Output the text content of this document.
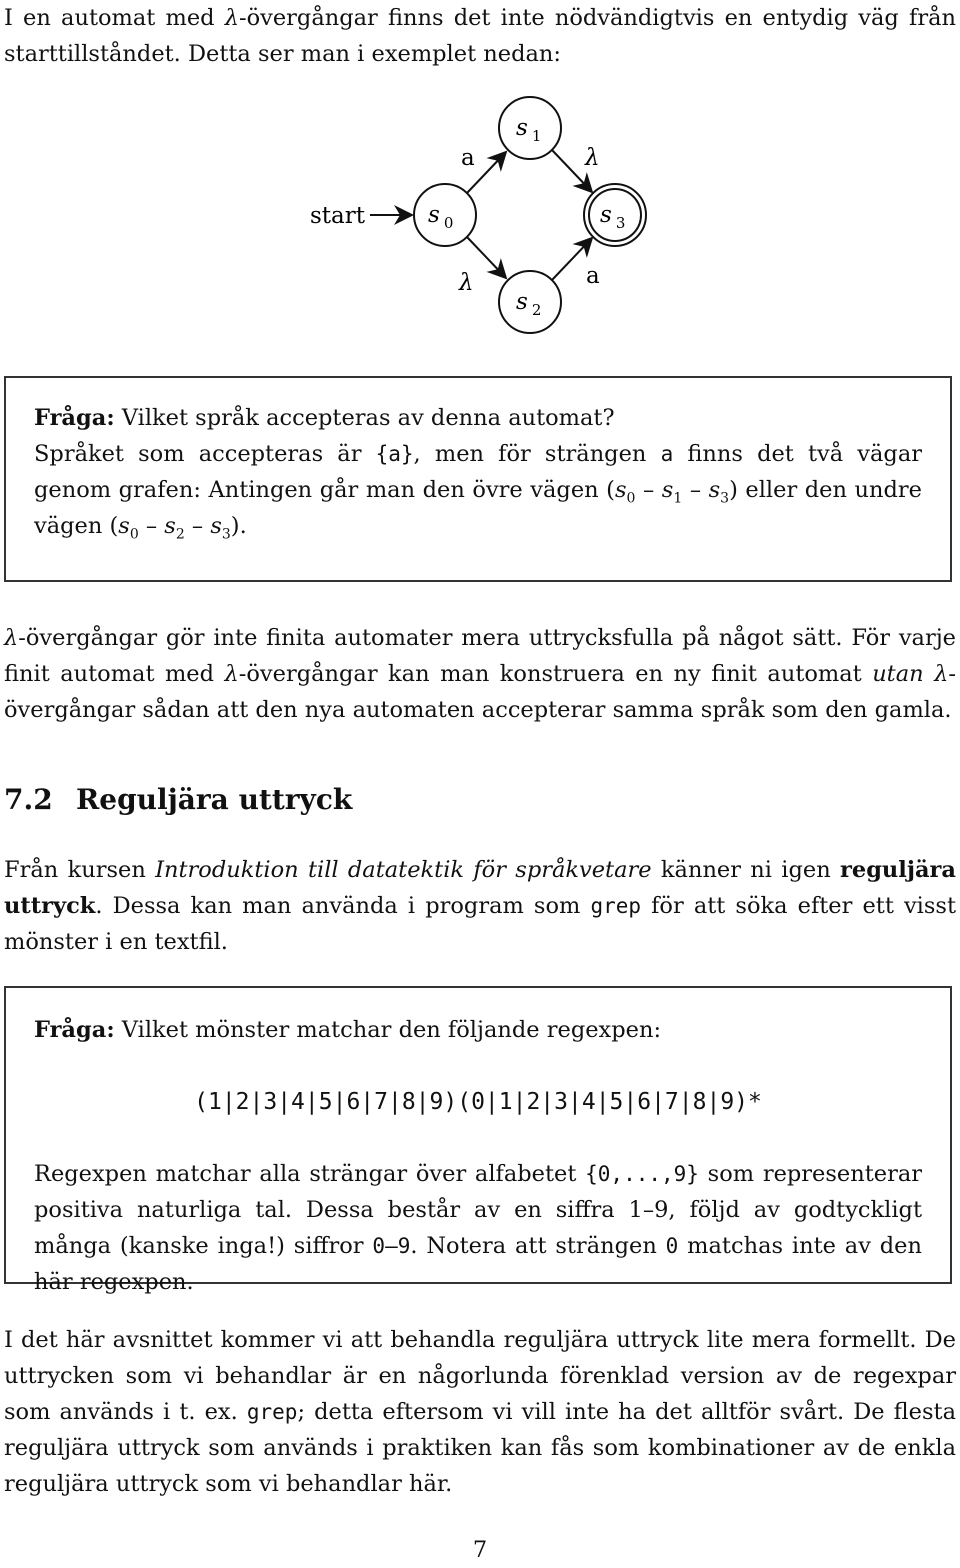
I en automat med λ-övergångar finns det inte nödvändigtvis en entydig väg från starttillståndet. Detta ser man i exemplet nedan:

start	s $_0$
s $_1$
s $_2$
s $_3$
a	λ
λ	a

Fråga: Vilket språk accepteras av denna automat?

Språket som accepteras är {a}, men för strängen a finns det två vägar genom grafen: Antingen går man den övre vägen $(s_0 - s_1 - s_3)$ eller den undre vägen $(s_0 - s_2 - s_3)$.

λ-övergångar gör inte finita automater mera uttrycksfulla på något sätt. För varje finit automat med λ-övergångar kan man konstruera en ny finit automat utan λ-övergångar sådan att den nya automaten accepterar samma språk som den gamla.

7.2 Reguljära uttryck

Från kursen Introduktion till datatektik för språkvetare känner ni igen reguljära uttryck. Dessa kan man använda i program som grep för att söka efter ett visst mönster i en textfil.

Fråga: Vilket mönster matchar den följande regexpen:

(1|2|3|4|5|6|7|8|9)(0|1|2|3|4|5|6|7|8|9)*

Regexpen matchar alla strängar över alfabetet {0,...,9} som representerar positiva naturliga tal. Dessa består av en siffra 1–9, följd av godtyckligt många (kanske inga!) siffror 0–9. Notera att strängen 0 matchas inte av den här regexpen.

I det här avsnittet kommer vi att behandla reguljära uttryck lite mera formellt. De uttrycken som vi behandlar är en någorlunda förenklad version av de regexpar som används i t. ex. grep; detta eftersom vi vill inte ha det alltför svårt. De flesta reguljära uttryck som används i praktiken kan fås som kombinationer av de enkla reguljära uttryck som vi behandlar här.

7
